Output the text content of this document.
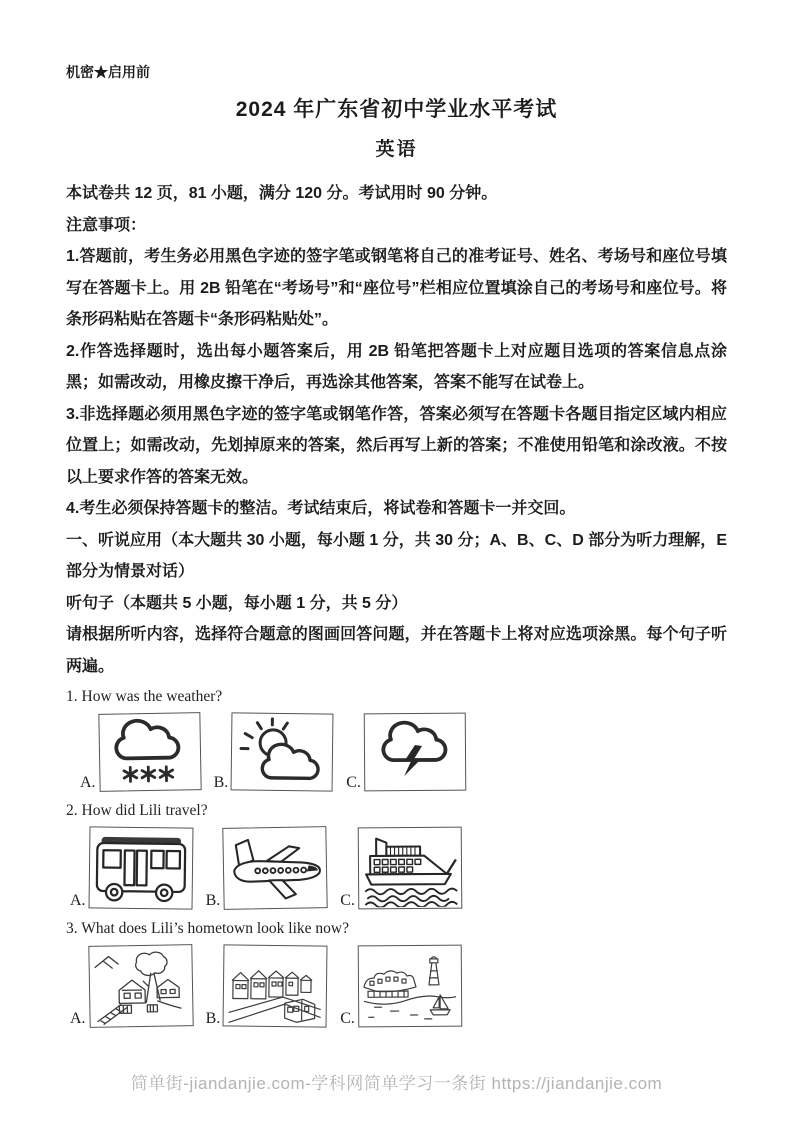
机密★启用前
2024 年广东省初中学业水平考试
英语

本试卷共 12 页，81 小题，满分 120 分。考试用时 90 分钟。

注意事项：

1.答题前，考生务必用黑色字迹的签字笔或钢笔将自己的准考证号、姓名、考场号和座位号填写在答题卡上。用 2B 铅笔在“考场号”和“座位号”栏相应位置填涂自己的考场号和座位号。将条形码粘贴在答题卡“条形码粘贴处”。

2.作答选择题时，选出每小题答案后，用 2B 铅笔把答题卡上对应题目选项的答案信息点涂黑；如需改动，用橡皮擦干净后，再选涂其他答案，答案不能写在试卷上。

3.非选择题必须用黑色字迹的签字笔或钢笔作答，答案必须写在答题卡各题目指定区域内相应位置上；如需改动，先划掉原来的答案，然后再写上新的答案；不准使用铅笔和涂改液。不按以上要求作答的答案无效。

4.考生必须保持答题卡的整洁。考试结束后，将试卷和答题卡一并交回。

一、听说应用（本大题共 30 小题，每小题 1 分，共 30 分；A、B、C、D 部分为听力理解，E部分为情景对话）

听句子（本题共 5 小题，每小题 1 分，共 5 分）

请根据所听内容，选择符合题意的图画回答问题，并在答题卡上将对应选项涂黑。每个句子听两遍。

1. How was the weather?

A.	B.	C.

2. How did Lili travel?

A.	B.	C.

3. What does Lili’s hometown look like now?

A.	B.	C.
简单街-jiandanjie.com-学科网简单学习一条街 https://jiandanjie.com
